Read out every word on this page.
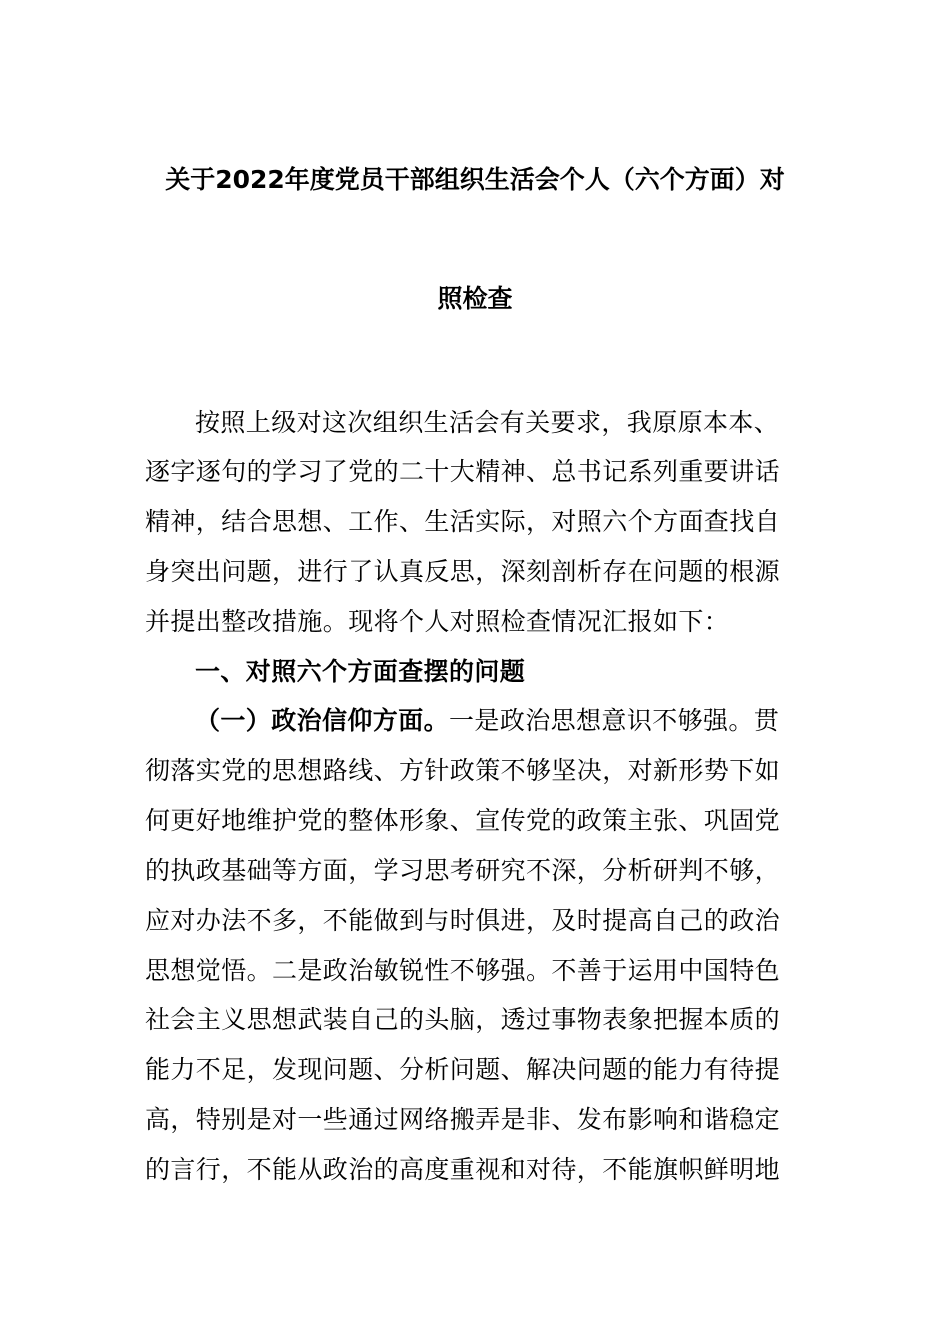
关于2022年度党员干部组织生活会个人（六个方面）对
照检查
按照上级对这次组织生活会有关要求，我原原本本、
逐字逐句的学习了党的二十大精神、总书记系列重要讲话
精神，结合思想、工作、生活实际，对照六个方面查找自
身突出问题，进行了认真反思，深刻剖析存在问题的根源
并提出整改措施。现将个人对照检查情况汇报如下：
一、对照六个方面查摆的问题
（一）政治信仰方面。一是政治思想意识不够强。贯
彻落实党的思想路线、方针政策不够坚决，对新形势下如
何更好地维护党的整体形象、宣传党的政策主张、巩固党
的执政基础等方面，学习思考研究不深，分析研判不够，
应对办法不多，不能做到与时俱进，及时提高自己的政治
思想觉悟。二是政治敏锐性不够强。不善于运用中国特色
社会主义思想武装自己的头脑，透过事物表象把握本质的
能力不足，发现问题、分析问题、解决问题的能力有待提
高，特别是对一些通过网络搬弄是非、发布影响和谐稳定
的言行，不能从政治的高度重视和对待，不能旗帜鲜明地
